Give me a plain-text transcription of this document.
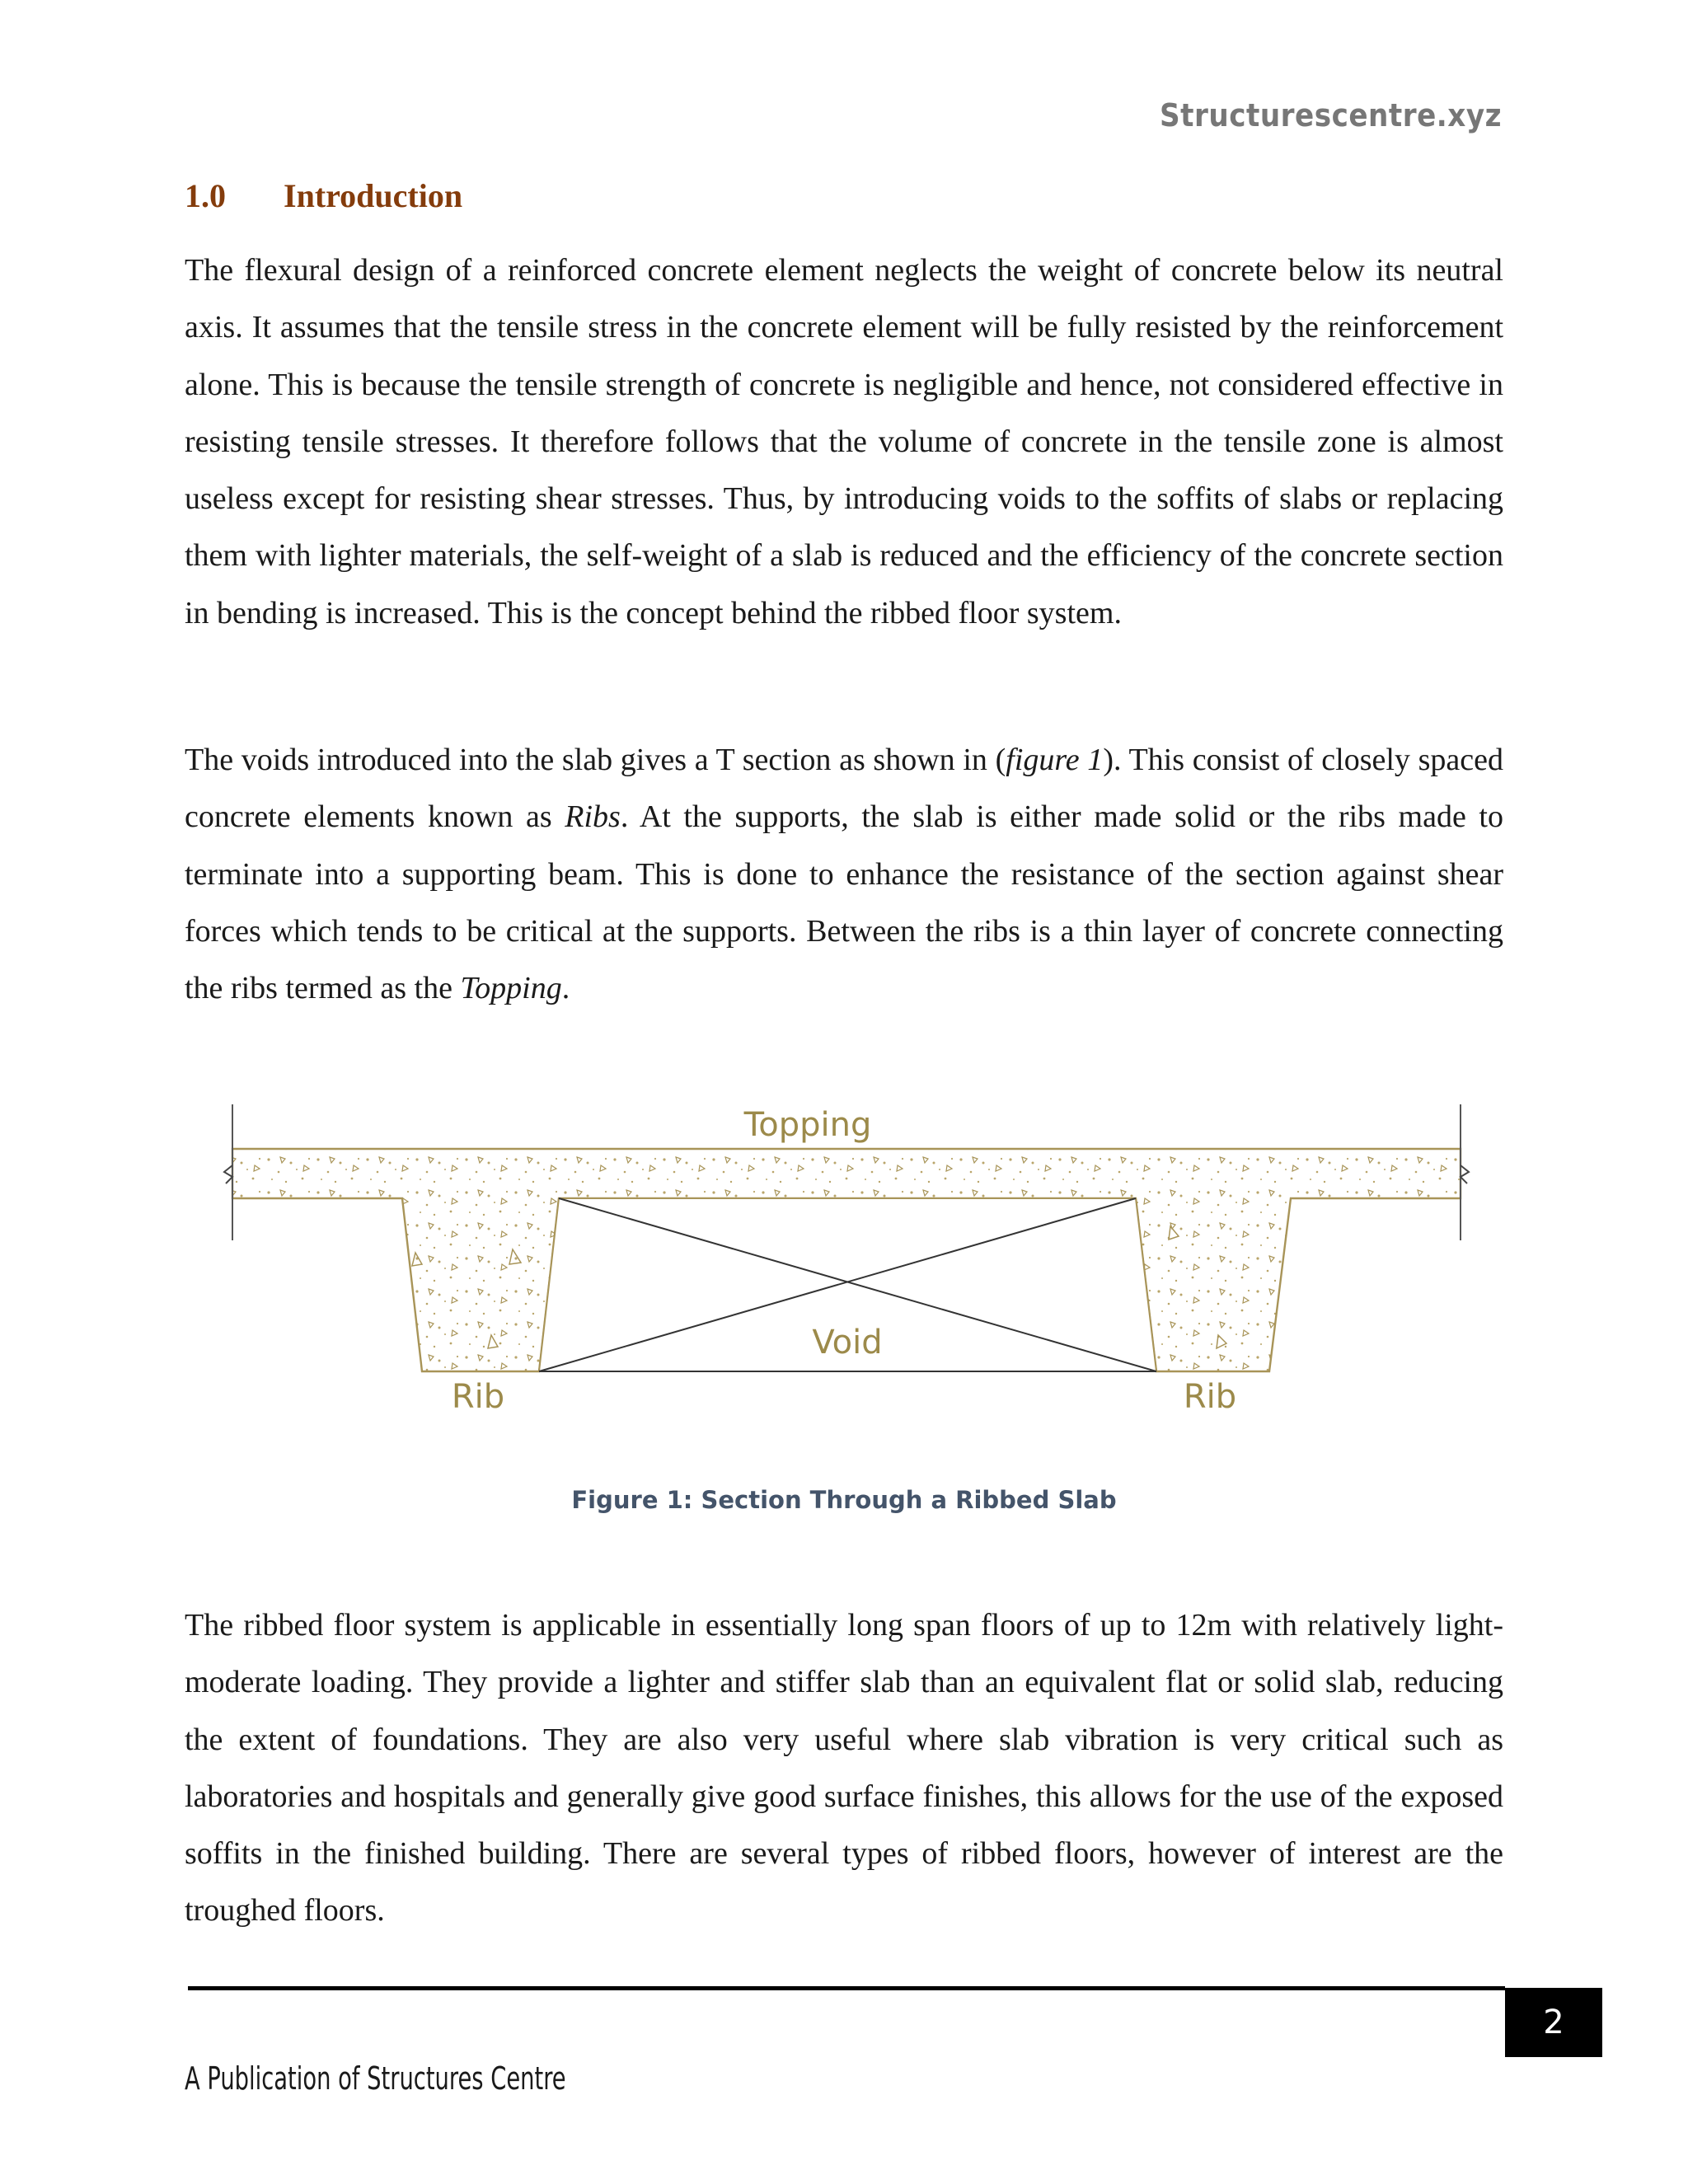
Structurescentre.xyz
1.0	Introduction

The flexural design of a reinforced concrete element neglects the weight of concrete below its neutral axis. It assumes that the tensile stress in the concrete element will be fully resisted by the reinforcement alone. This is because the tensile strength of concrete is negligible and hence, not considered effective in resisting tensile stresses. It therefore follows that the volume of concrete in the tensile zone is almost useless except for resisting shear stresses. Thus, by introducing voids to the soffits of slabs or replacing them with lighter materials, the self-weight of a slab is reduced and the efficiency of the concrete section in bending is increased. This is the concept behind the ribbed floor system.

The voids introduced into the slab gives a T section as shown in (figure 1). This consist of closely spaced concrete elements known as Ribs. At the supports, the slab is either made solid or the ribs made to terminate into a supporting beam. This is done to enhance the resistance of the section against shear forces which tends to be critical at the supports. Between the ribs is a thin layer of concrete connecting the ribs termed as the Topping.

Topping
Void
Rib	Rib
Figure 1: Section Through a Ribbed Slab

The ribbed floor system is applicable in essentially long span floors of up to 12m with relatively light-moderate loading. They provide a lighter and stiffer slab than an equivalent flat or solid slab, reducing the extent of foundations. They are also very useful where slab vibration is very critical such as laboratories and hospitals and generally give good surface finishes, this allows for the use of the exposed soffits in the finished building. There are several types of ribbed floors, however of interest are the troughed floors.

2
A Publication of Structures Centre
